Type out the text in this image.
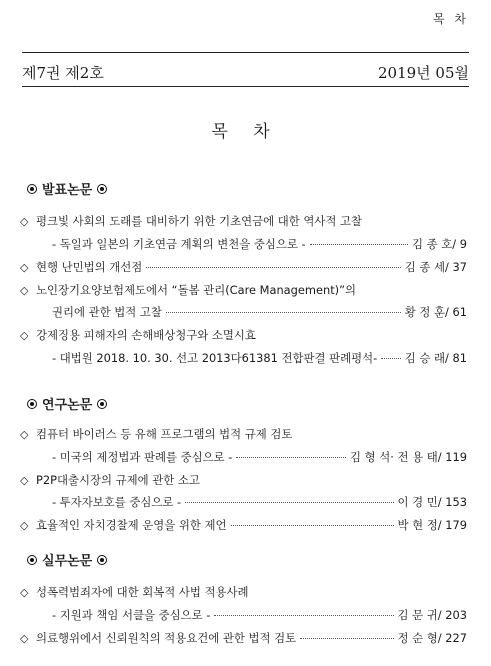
목 차
제7권 제2호	2019년 05월
목 차
발표논문
◇ 평크빛 사회의 도래를 대비하기 위한 기초연금에 대한 역사적 고찰
- 독일과 일본의 기초연금 계획의 변천을 중심으로 -	김 종 호/ 9
◇ 현행 난민법의 개선점	김 종 세/ 37
◇ 노인장기요양보험제도에서 “돌봄 관리(Care Management)”의
권리에 관한 법적 고찰	황 정 훈/ 61
◇ 강제징용 피해자의 손해배상청구와 소멸시효
- 대법원 2018. 10. 30. 선고 2013다61381 전합판결 판례평석- 김 승 래/ 81
연구논문
◇ 컴퓨터 바이러스 등 유해 프로그램의 법적 규제 검토
- 미국의 제정법과 판례를 중심으로 -	김 형 석· 전 용 태/ 119
◇ P2P대출시장의 규제에 관한 소고
- 투자자보호를 중심으로 -	이 경 민/ 153
◇ 효율적인 자치경찰제 운영을 위한 제언	박 현 정/ 179
실무논문
◇ 성폭력범죄자에 대한 회복적 사법 적용사례
- 지원과 책임 서클을 중심으로 -	김 문 귀/ 203
◇ 의료행위에서 신뢰원칙의 적용요건에 관한 법적 검토	정 순 형/ 227
